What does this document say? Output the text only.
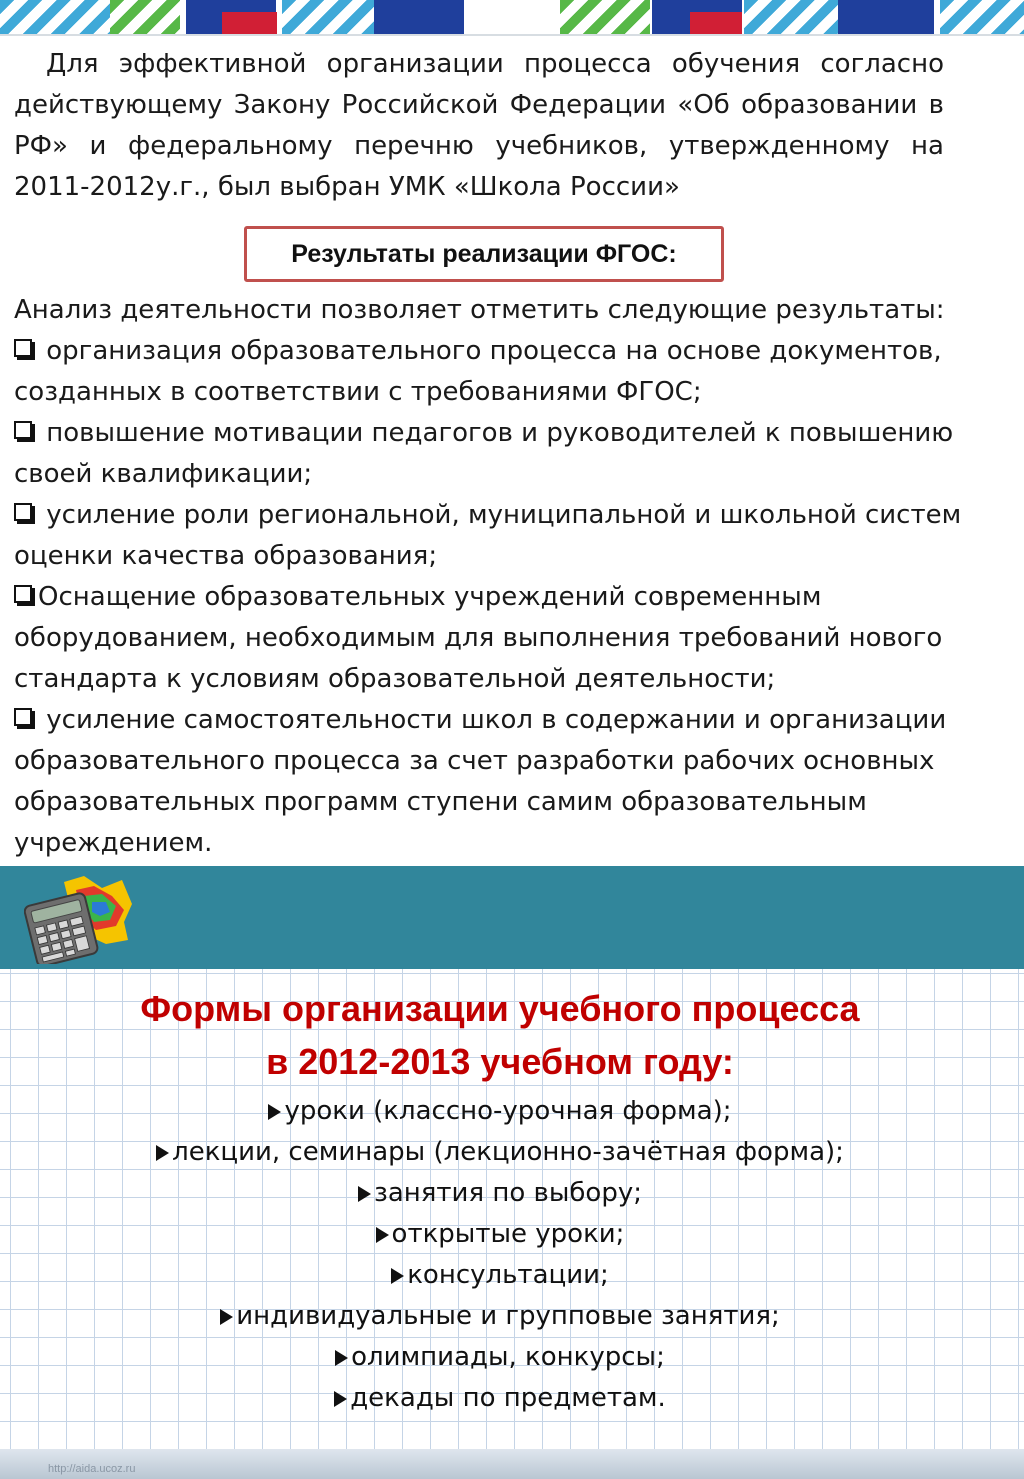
Для эффективной организации процесса обучения согласно действующему Закону Российской Федерации «Об образовании в РФ» и федеральному перечню учебников, утвержденному на 2011-2012у.г., был выбран УМК «Школа России»

Результаты реализации ФГОС:

Анализ деятельности позволяет отметить следующие результаты:

организация образовательного процесса на основе документов, созданных в соответствии с требованиями ФГОС;

повышение мотивации педагогов и руководителей к повышению своей квалификации;

усиление роли региональной, муниципальной и школьной систем оценки качества образования;

Оснащение образовательных учреждений современным оборудованием, необходимым для выполнения требований нового стандарта к условиям образовательной деятельности;

усиление самостоятельности школ в содержании и организации образовательного процесса за счет разработки рабочих основных образовательных программ ступени самим образовательным учреждением.

http://aida.ucoz.ru
Формы организации учебного процесса
в 2012-2013 учебном году:
уроки (классно-урочная форма);
лекции, семинары (лекционно-зачётная форма);
занятия по выбору;
открытые уроки;
консультации;
индивидуальные и групповые занятия;
олимпиады, конкурсы;
декады по предметам.
